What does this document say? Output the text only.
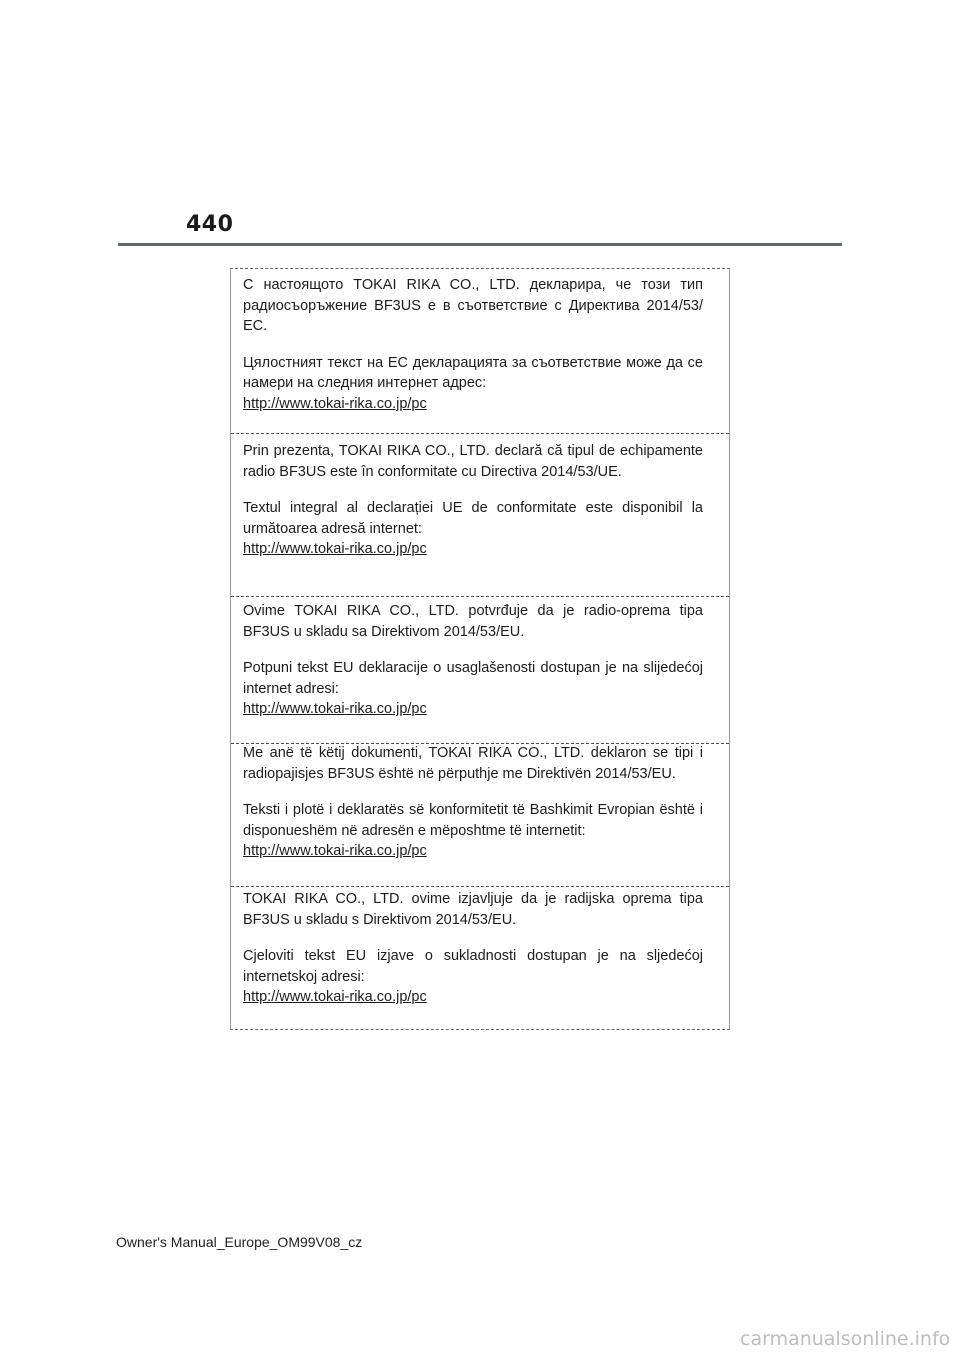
440

С настоящото TOKAI RIKA CO., LTD. декларира, че този тип радиосъоръжение BF3US е в съответствие с Директива 2014/53/ЕС.

Цялостният текст на ЕС декларацията за съответствие може да се намери на следния интернет адрес:

http://www.tokai-rika.co.jp/pc

Prin prezenta, TOKAI RIKA CO., LTD. declară că tipul de echipamente radio BF3US este în conformitate cu Directiva 2014/53/UE.

Textul integral al declarației UE de conformitate este disponibil la următoarea adresă internet:

http://www.tokai-rika.co.jp/pc

Ovime TOKAI RIKA CO., LTD. potvrđuje da je radio-oprema tipa BF3US u skladu sa Direktivom 2014/53/EU.

Potpuni tekst EU deklaracije o usaglašenosti dostupan je na slijedećoj internet adresi:

http://www.tokai-rika.co.jp/pc

Me anë të këtij dokumenti, TOKAI RIKA CO., LTD. deklaron se tipi i radiopajisjes BF3US është në përputhje me Direktivën 2014/53/EU.

Teksti i plotë i deklaratës së konformitetit të Bashkimit Evropian është i disponueshëm në adresën e mëposhtme të internetit:

http://www.tokai-rika.co.jp/pc

TOKAI RIKA CO., LTD. ovime izjavljuje da je radijska oprema tipa BF3US u skladu s Direktivom 2014/53/EU.

Cjeloviti tekst EU izjave o sukladnosti dostupan je na sljedećoj internetskoj adresi:

http://www.tokai-rika.co.jp/pc
Owner's Manual_Europe_OM99V08_cz
carmanualsonline.info
